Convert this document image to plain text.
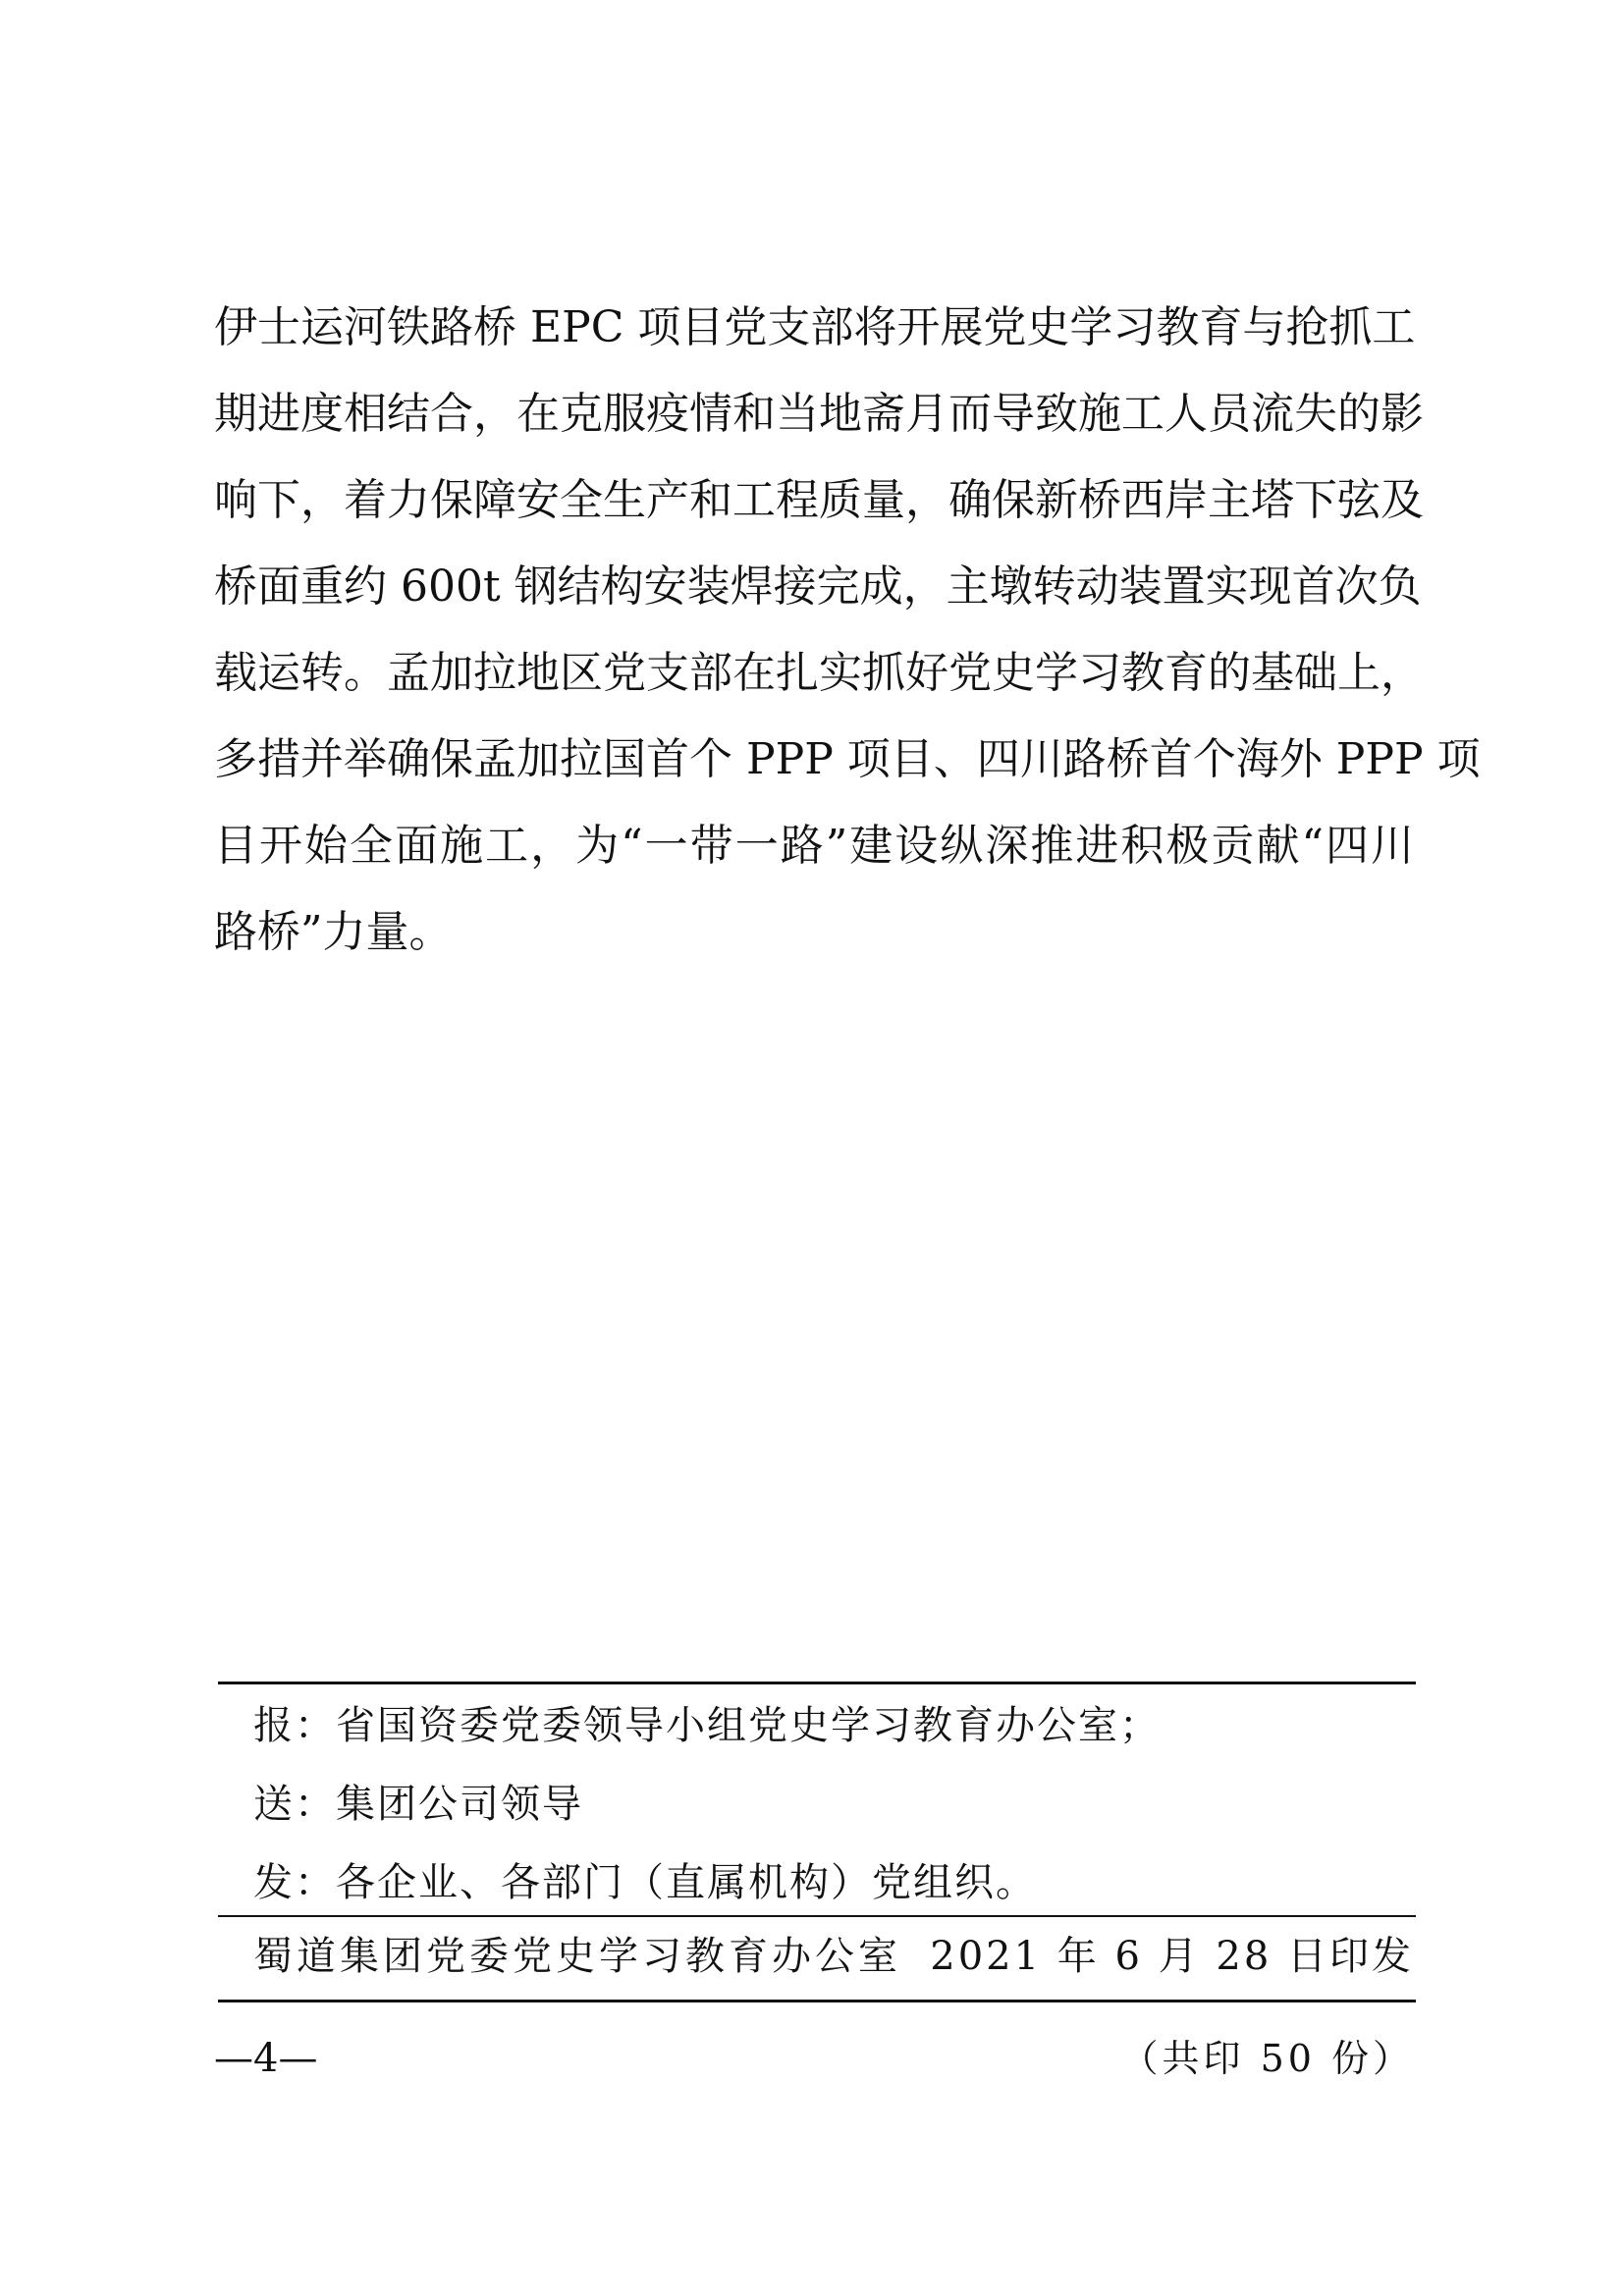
伊士运河铁路桥 EPC 项目党支部将开展党史学习教育与抢抓工
期进度相结合，在克服疫情和当地斋月而导致施工人员流失的影
响下，着力保障安全生产和工程质量，确保新桥西岸主塔下弦及
桥面重约 600t 钢结构安装焊接完成，主墩转动装置实现首次负
载运转。孟加拉地区党支部在扎实抓好党史学习教育的基础上，
多措并举确保孟加拉国首个 PPP 项目、四川路桥首个海外 PPP 项
目开始全面施工，为“一带一路”建设纵深推进积极贡献“四川
路桥”力量。
报：省国资委党委领导小组党史学习教育办公室；
送：集团公司领导
发：各企业、各部门（直属机构）党组织。
蜀道集团党委党史学习教育办公室 2021 年 6 月 28 日印发
—4—	（共印 50 份）
